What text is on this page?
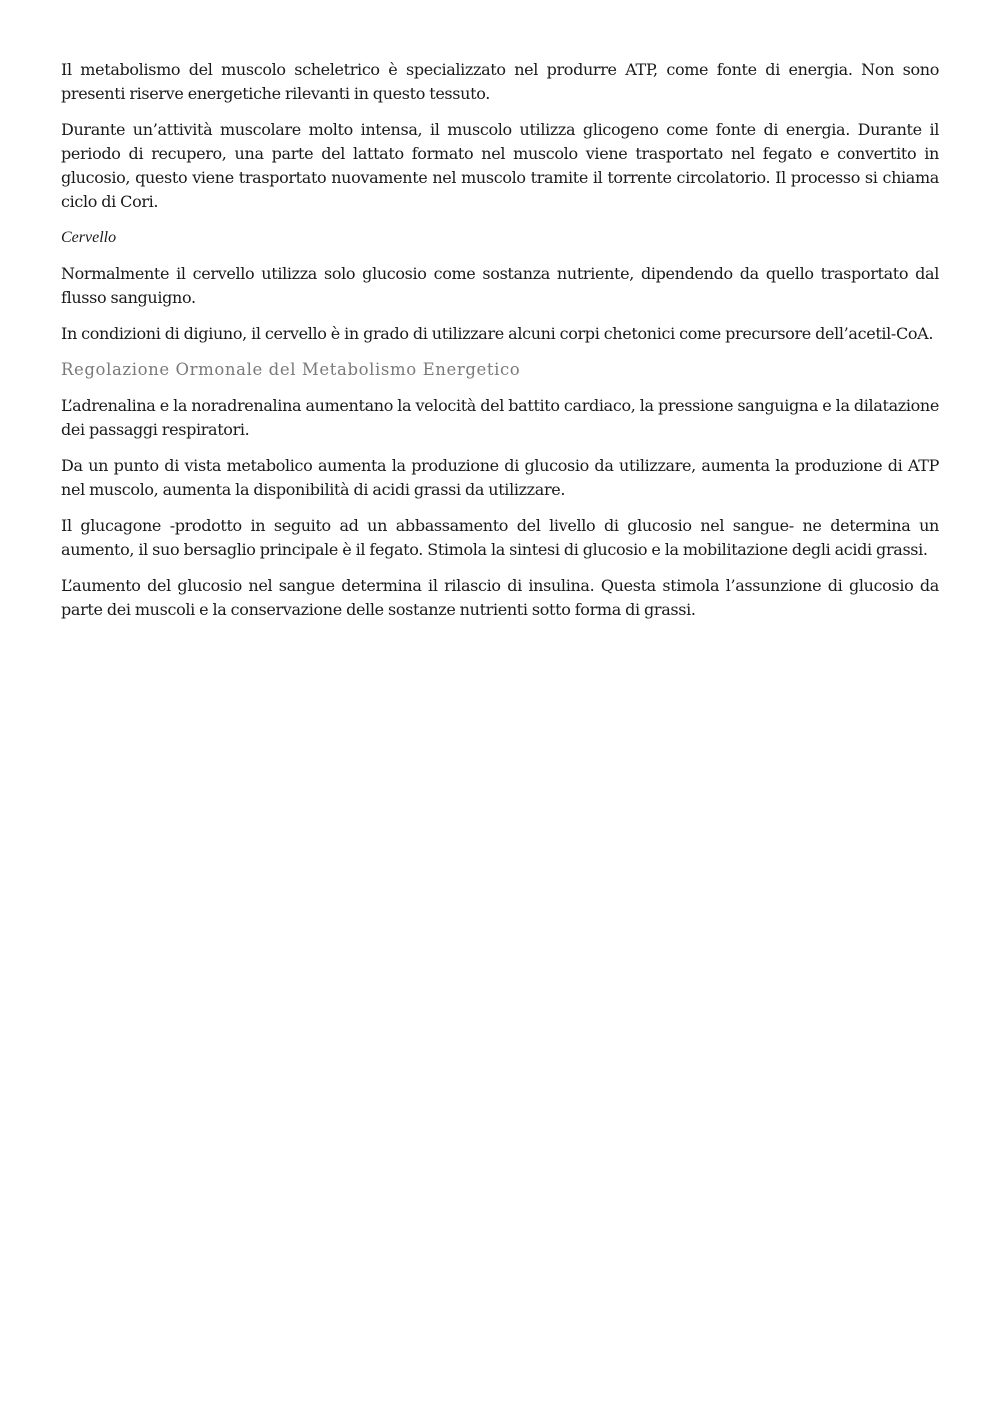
Il metabolismo del muscolo scheletrico è specializzato nel produrre ATP, come fonte di energia. Non sono presenti riserve energetiche rilevanti in questo tessuto.

Durante un’attività muscolare molto intensa, il muscolo utilizza glicogeno come fonte di energia. Durante il periodo di recupero, una parte del lattato formato nel muscolo viene trasportato nel fegato e convertito in glucosio, questo viene trasportato nuovamente nel muscolo tramite il torrente circolatorio. Il processo si chiama ciclo di Cori.

Cervello

Normalmente il cervello utilizza solo glucosio come sostanza nutriente, dipendendo da quello trasportato dal flusso sanguigno.

In condizioni di digiuno, il cervello è in grado di utilizzare alcuni corpi chetonici come precursore dell’acetil-CoA.

Regolazione Ormonale del Metabolismo Energetico

L’adrenalina e la noradrenalina aumentano la velocità del battito cardiaco, la pressione sanguigna e la dilatazione dei passaggi respiratori.

Da un punto di vista metabolico aumenta la produzione di glucosio da utilizzare, aumenta la produzione di ATP nel muscolo, aumenta la disponibilità di acidi grassi da utilizzare.

Il glucagone -prodotto in seguito ad un abbassamento del livello di glucosio nel sangue- ne determina un aumento, il suo bersaglio principale è il fegato. Stimola la sintesi di glucosio e la mobilitazione degli acidi grassi.

L’aumento del glucosio nel sangue determina il rilascio di insulina. Questa stimola l’assunzione di glucosio da parte dei muscoli e la conservazione delle sostanze nutrienti sotto forma di grassi.
